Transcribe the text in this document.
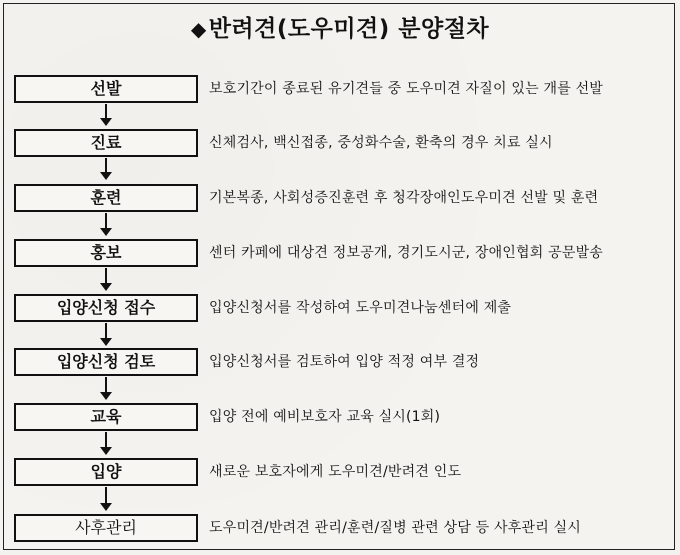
◆반려견(도우미견) 분양절차
선발	보호기간이 종료된 유기견들 중 도우미견 자질이 있는 개를 선발
진료	신체검사, 백신접종, 중성화수술, 환축의 경우 치료 실시
훈련	기본복종, 사회성증진훈련 후 청각장애인도우미견 선발 및 훈련
홍보	센터 카페에 대상견 정보공개, 경기도시군, 장애인협회 공문발송
입양신청 접수	입양신청서를 작성하여 도우미견나눔센터에 제출
입양신청 검토	입양신청서를 검토하여 입양 적정 여부 결정
교육	입양 전에 예비보호자 교육 실시(1회)
입양	새로운 보호자에게 도우미견/반려견 인도
사후관리	도우미견/반려견 관리/훈련/질병 관련 상담 등 사후관리 실시
